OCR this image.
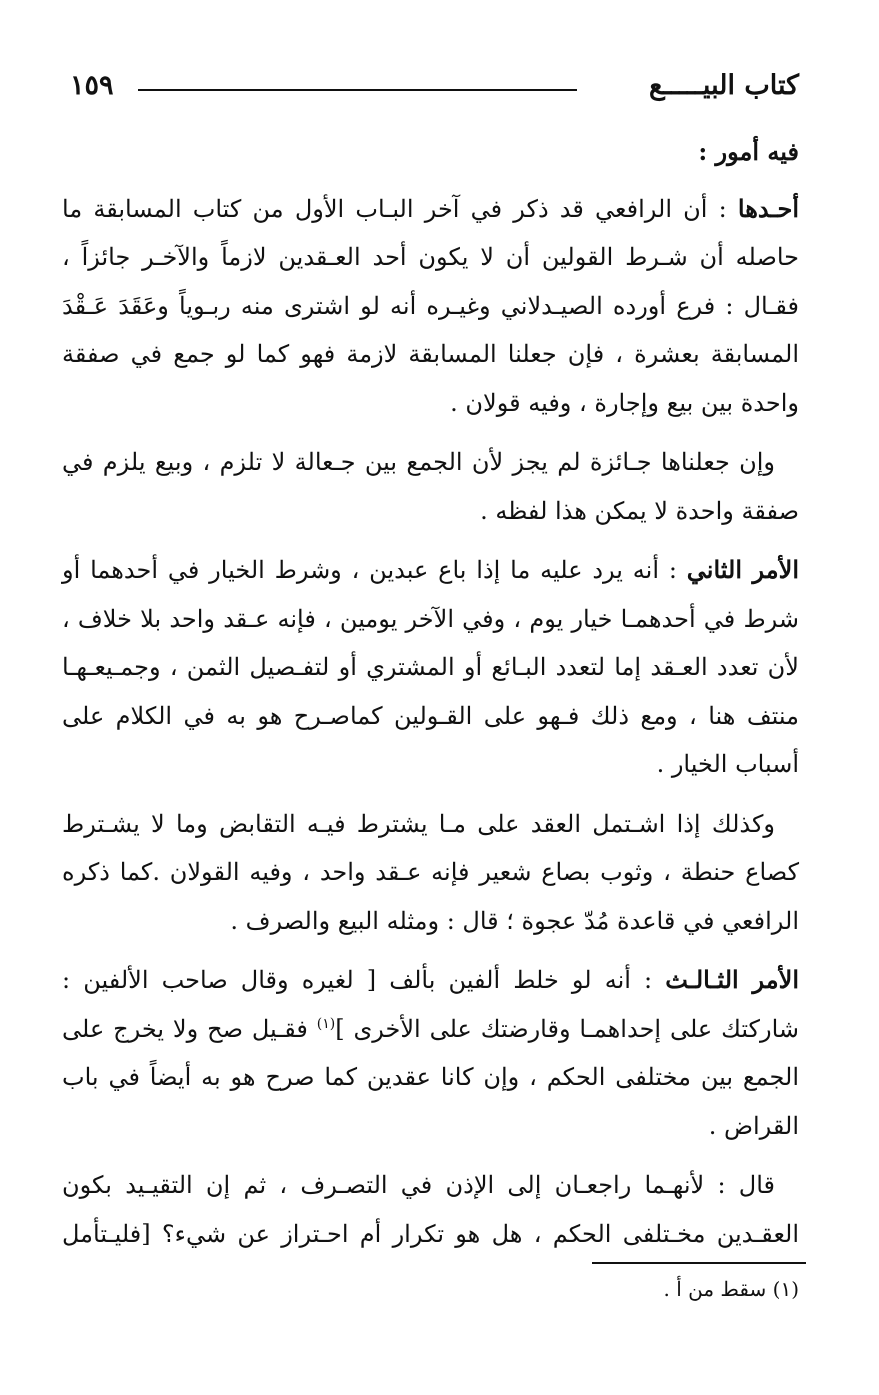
كتاب البيـــــع
١٥٩

فيه أمور :

أحـدها : أن الرافعي قد ذكر في آخر البـاب الأول من كتاب المسابقة ما حاصله أن شـرط القولين أن لا يكون أحد العـقدين لازماً والآخـر جائزاً ، فقـال : فرع أورده الصيـدلاني وغيـره أنه لو اشترى منه ربـوياً وعَقَدَ عَـقْدَ المسابقة بعشرة ، فإن جعلنا المسابقة لازمة فهو كما لو جمع في صفقة واحدة بين بيع وإجارة ، وفيه قولان .

وإن جعلناها جـائزة لم يجز لأن الجمع بين جـعالة لا تلزم ، وبيع يلزم في صفقة واحدة لا يمكن هذا لفظه .

الأمر الثاني : أنه يرد عليه ما إذا باع عبدين ، وشرط الخيار في أحدهما أو شرط في أحدهمـا خيار يوم ، وفي الآخر يومين ، فإنه عـقد واحد بلا خلاف ، لأن تعدد العـقد إما لتعدد البـائع أو المشتري أو لتفـصيل الثمن ، وجمـيعـهـا منتف هنا ، ومع ذلك فـهو على القـولين كماصـرح هو به في الكلام على أسباب الخيار .

وكذلك إذا اشـتمل العقد على مـا يشترط فيـه التقابض وما لا يشـترط كصاع حنطة ، وثوب بصاع شعير فإنه عـقد واحد ، وفيه القولان .كما ذكره الرافعي في قاعدة مُدّ عجوة ؛ قال : ومثله البيع والصرف .

الأمر الثـالـث : أنه لو خلط ألفين بألف [ لغيره وقال صاحب الألفين : شاركتك على إحداهمـا وقارضتك على الأخرى ]$^{(١)}$ فقـيل صح ولا يخرج على الجمع بين مختلفى الحكم ، وإن كانا عقدين كما صرح هو به أيضاً في باب القراض .

قال : لأنهـما راجعـان إلى الإذن في التصـرف ، ثم إن التقيـيد بكون العقـدين مخـتلفى الحكم ، هل هو تكرار أم احـتراز عن شيء؟ [فليـتأمل

(١) سقط من أ .
